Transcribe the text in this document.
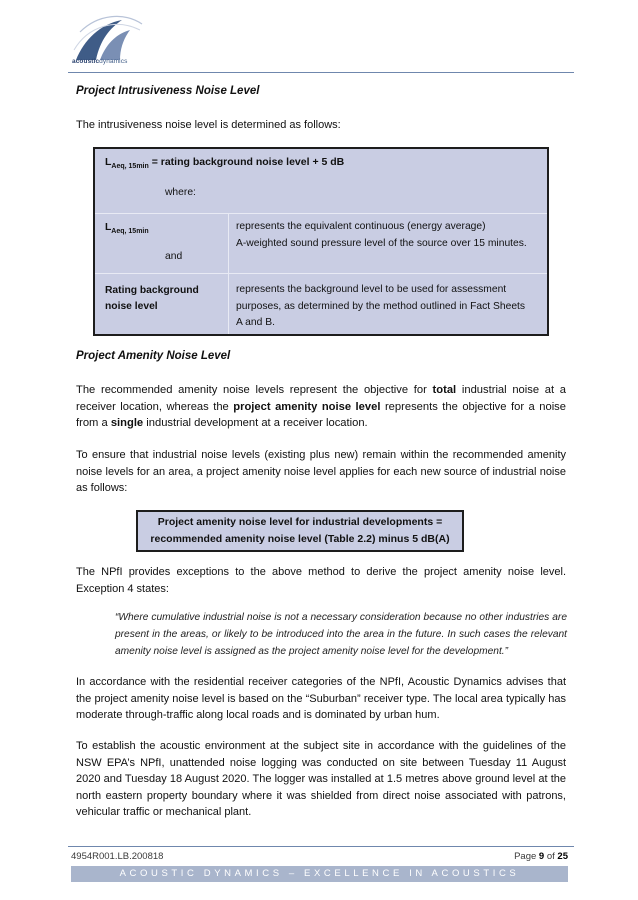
acousticdynamics
Project Intrusiveness Noise Level
The intrusiveness noise level is determined as follows:
$L_{Aeq, 15min}$ = rating background noise level + 5 dB
where:
$L_{Aeq, 15min}$	represents the equivalent continuous (energy average)
A-weighted sound pressure level of the source over 15 minutes.
and
Rating background
noise level
represents the background level to be used for assessment
purposes, as determined by the method outlined in Fact Sheets
A and B.
Project Amenity Noise Level
The recommended amenity noise levels represent the objective for total industrial noise at a receiver location, whereas the project amenity noise level represents the objective for a noise from a single industrial development at a receiver location.
To ensure that industrial noise levels (existing plus new) remain within the recommended amenity noise levels for an area, a project amenity noise level applies for each new source of industrial noise as follows:
Project amenity noise level for industrial developments =
recommended amenity noise level (Table 2.2) minus 5 dB(A)
The NPfI provides exceptions to the above method to derive the project amenity noise level. Exception 4 states:
“Where cumulative industrial noise is not a necessary consideration because no other industries are present in the areas, or likely to be introduced into the area in the future. In such cases the relevant amenity noise level is assigned as the project amenity noise level for the development.”
In accordance with the residential receiver categories of the NPfI, Acoustic Dynamics advises that the project amenity noise level is based on the “Suburban” receiver type. The local area typically has moderate through-traffic along local roads and is dominated by urban hum.
To establish the acoustic environment at the subject site in accordance with the guidelines of the NSW EPA’s NPfI, unattended noise logging was conducted on site between Tuesday 11 August 2020 and Tuesday 18 August 2020. The logger was installed at 1.5 metres above ground level at the north eastern property boundary where it was shielded from direct noise associated with patrons, vehicular traffic or mechanical plant.
4954R001.LB.200818	Page 9 of 25
ACOUSTIC DYNAMICS – EXCELLENCE IN ACOUSTICS
